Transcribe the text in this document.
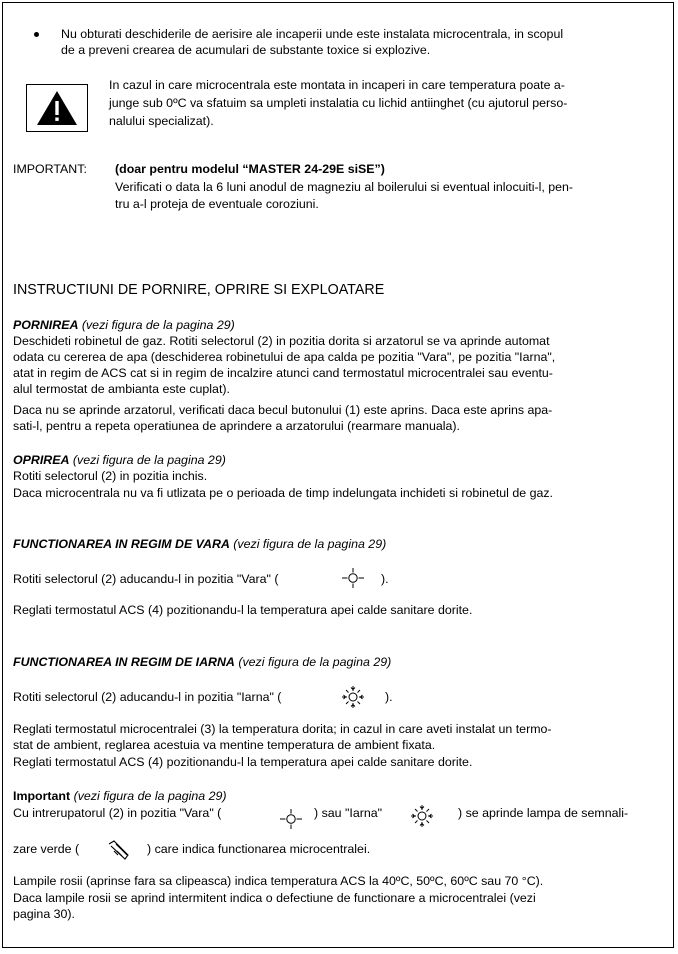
Nu obturati deschiderile de aerisire ale incaperii unde este instalata microcentrala, in scopul

de a preveni crearea de acumulari de substante toxice si explozive.

In cazul in care microcentrala este montata in incaperi in care temperatura poate a-

junge sub 0ºC va sfatuim sa umpleti instalatia cu lichid antiinghet (cu ajutorul perso-

nalului specializat).

IMPORTANT: (doar pentru modelul “MASTER 24-29E siSE”)

Verificati o data la 6 luni anodul de magneziu al boilerului si eventual inlocuiti-l, pen-

tru a-l proteja de eventuale coroziuni.

INSTRUCTIUNI DE PORNIRE, OPRIRE SI EXPLOATARE

PORNIREA (vezi figura de la pagina 29)

Deschideti robinetul de gaz. Rotiti selectorul (2) in pozitia dorita si arzatorul se va aprinde automat

odata cu cererea de apa (deschiderea robinetului de apa calda pe pozitia "Vara", pe pozitia "Iarna",

atat in regim de ACS cat si in regim de incalzire atunci cand termostatul microcentralei sau eventu-

alul termostat de ambianta este cuplat).

Daca nu se aprinde arzatorul, verificati daca becul butonului (1) este aprins. Daca este aprins apa-

sati-l, pentru a repeta operatiunea de aprindere a arzatorului (rearmare manuala).

OPRIREA (vezi figura de la pagina 29)

Rotiti selectorul (2) in pozitia inchis.

Daca microcentrala nu va fi utlizata pe o perioada de timp indelungata inchideti si robinetul de gaz.

FUNCTIONAREA IN REGIM DE VARA (vezi figura de la pagina 29)

Rotiti selectorul (2) aducandu-l in pozitia "Vara" (	).

Reglati termostatul ACS (4) pozitionandu-l la temperatura apei calde sanitare dorite.

FUNCTIONAREA IN REGIM DE IARNA (vezi figura de la pagina 29)

Rotiti selectorul (2) aducandu-l in pozitia "Iarna" (	).

Reglati termostatul microcentralei (3) la temperatura dorita; in cazul in care aveti instalat un termo-

stat de ambient, reglarea acestuia va mentine temperatura de ambient fixata.

Reglati termostatul ACS (4) pozitionandu-l la temperatura apei calde sanitare dorite.

Important (vezi figura de la pagina 29)

Cu intrerupatorul (2) in pozitia "Vara" (	) sau "Iarna"	) se aprinde lampa de semnali-

zare verde (	) care indica functionarea microcentralei.

Lampile rosii (aprinse fara sa clipeasca) indica temperatura ACS la 40ºC, 50ºC, 60ºC sau 70 °C).

Daca lampile rosii se aprind intermitent indica o defectiune de functionare a microcentralei (vezi

pagina 30).
